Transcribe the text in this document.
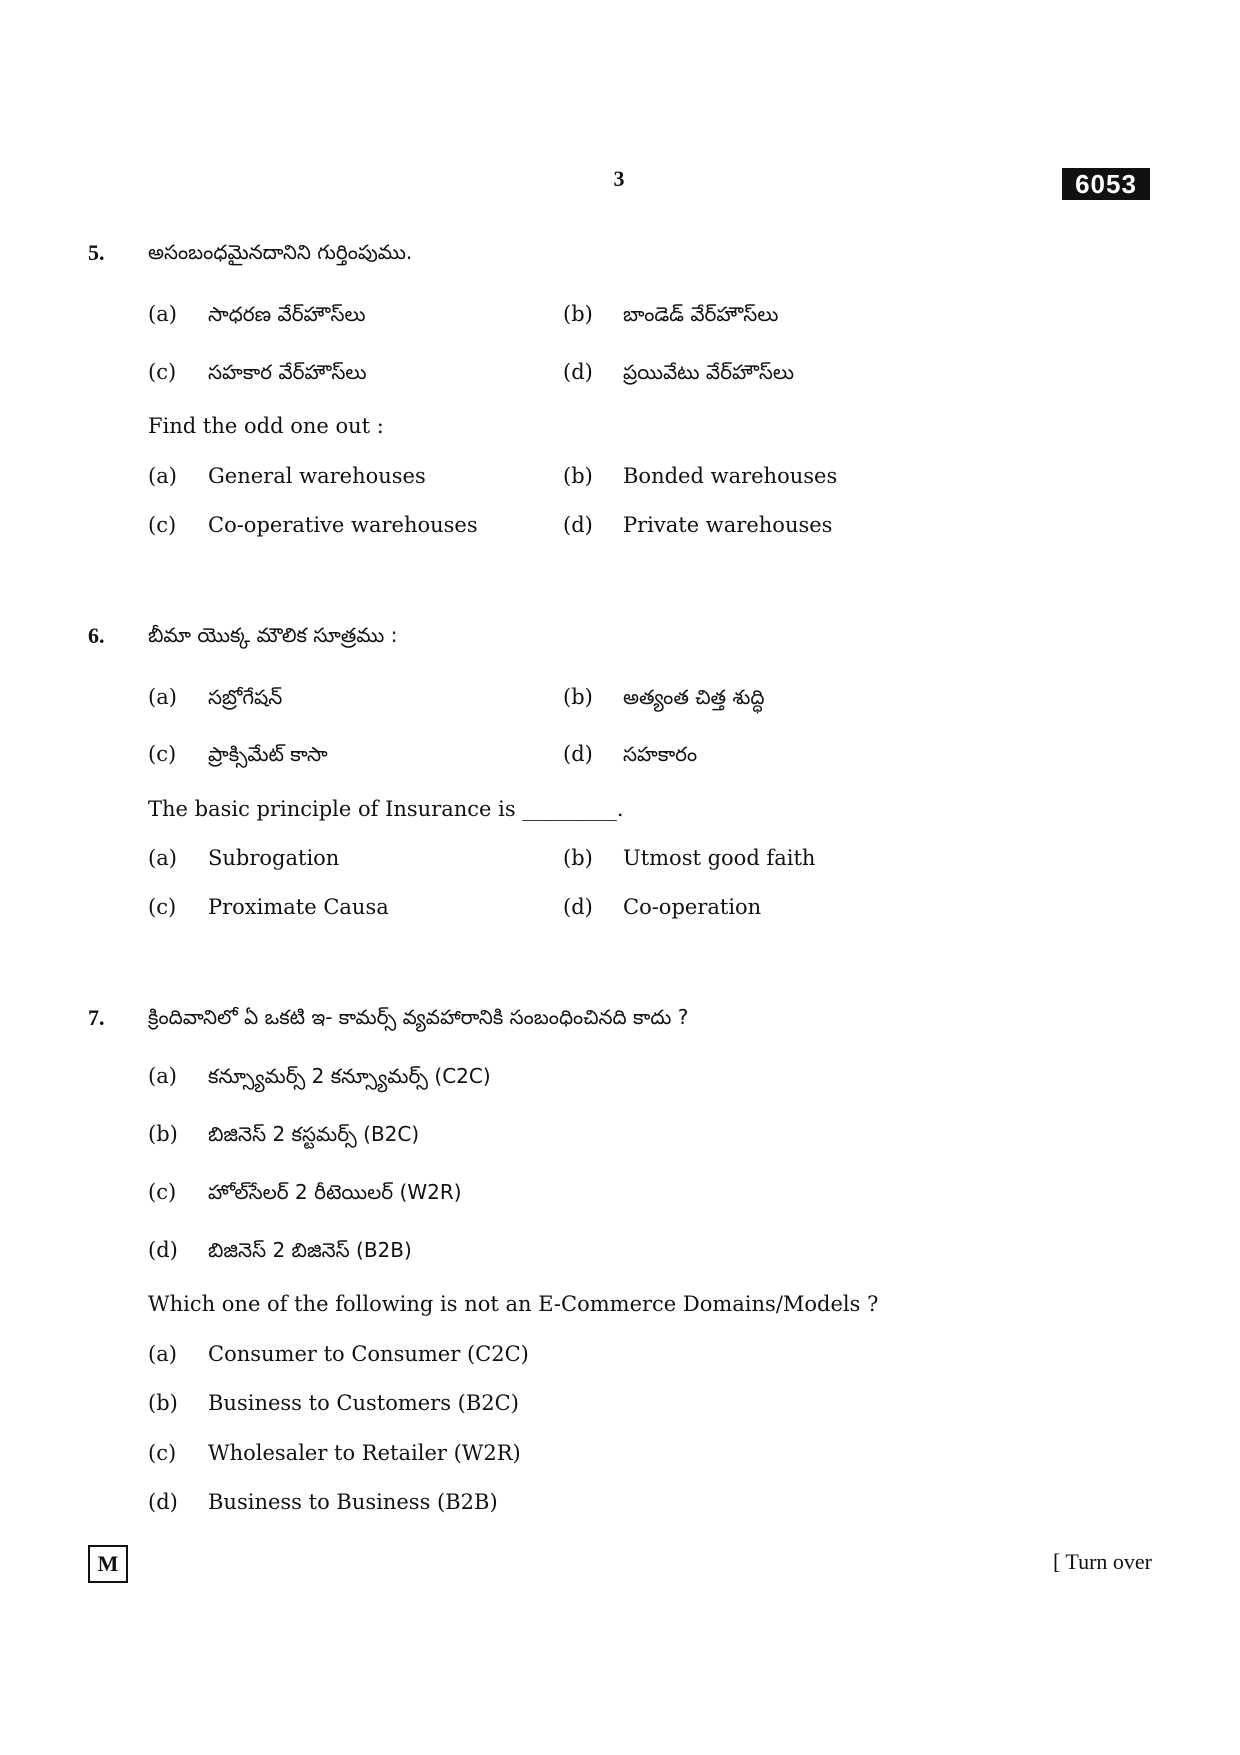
3	6053
5. అసంబంధమైనదానిని గుర్తింపుము.
(a) సాధరణ వేర్‌హౌస్‌లు	(b) బాండెడ్ వేర్‌హౌస్‌లు
(c) సహకార వేర్‌హౌస్‌లు	(d) ప్రయివేటు వేర్‌హౌస్‌లు
Find the odd one out :
(a) General warehouses	(b) Bonded warehouses
(c) Co-operative warehouses	(d) Private warehouses
6. బీమా యొక్క మౌలిక సూత్రము :
(a) సబ్రోగేషన్	(b) అత్యంత చిత్త శుద్ధి
(c) ప్రాక్సిమేట్ కాసా	(d) సహకారం
The basic principle of Insurance is _________.
(a) Subrogation	(b) Utmost good faith
(c) Proximate Causa	(d) Co-operation
7. క్రిందివానిలో ఏ ఒకటి ఇ- కామర్స్ వ్యవహారానికి సంబంధించినది కాదు ?
(a) కన్స్యూమర్స్ 2 కన్స్యూమర్స్ (C2C)
(b) బిజినెస్ 2 కస్టమర్స్ (B2C)
(c) హోల్‌సేలర్ 2 రీటెయిలర్ (W2R)
(d) బిజినెస్ 2 బిజినెస్ (B2B)
Which one of the following is not an E-Commerce Domains/Models ?
(a) Consumer to Consumer (C2C)
(b) Business to Customers (B2C)
(c) Wholesaler to Retailer (W2R)
(d) Business to Business (B2B)
M	[ Turn over
